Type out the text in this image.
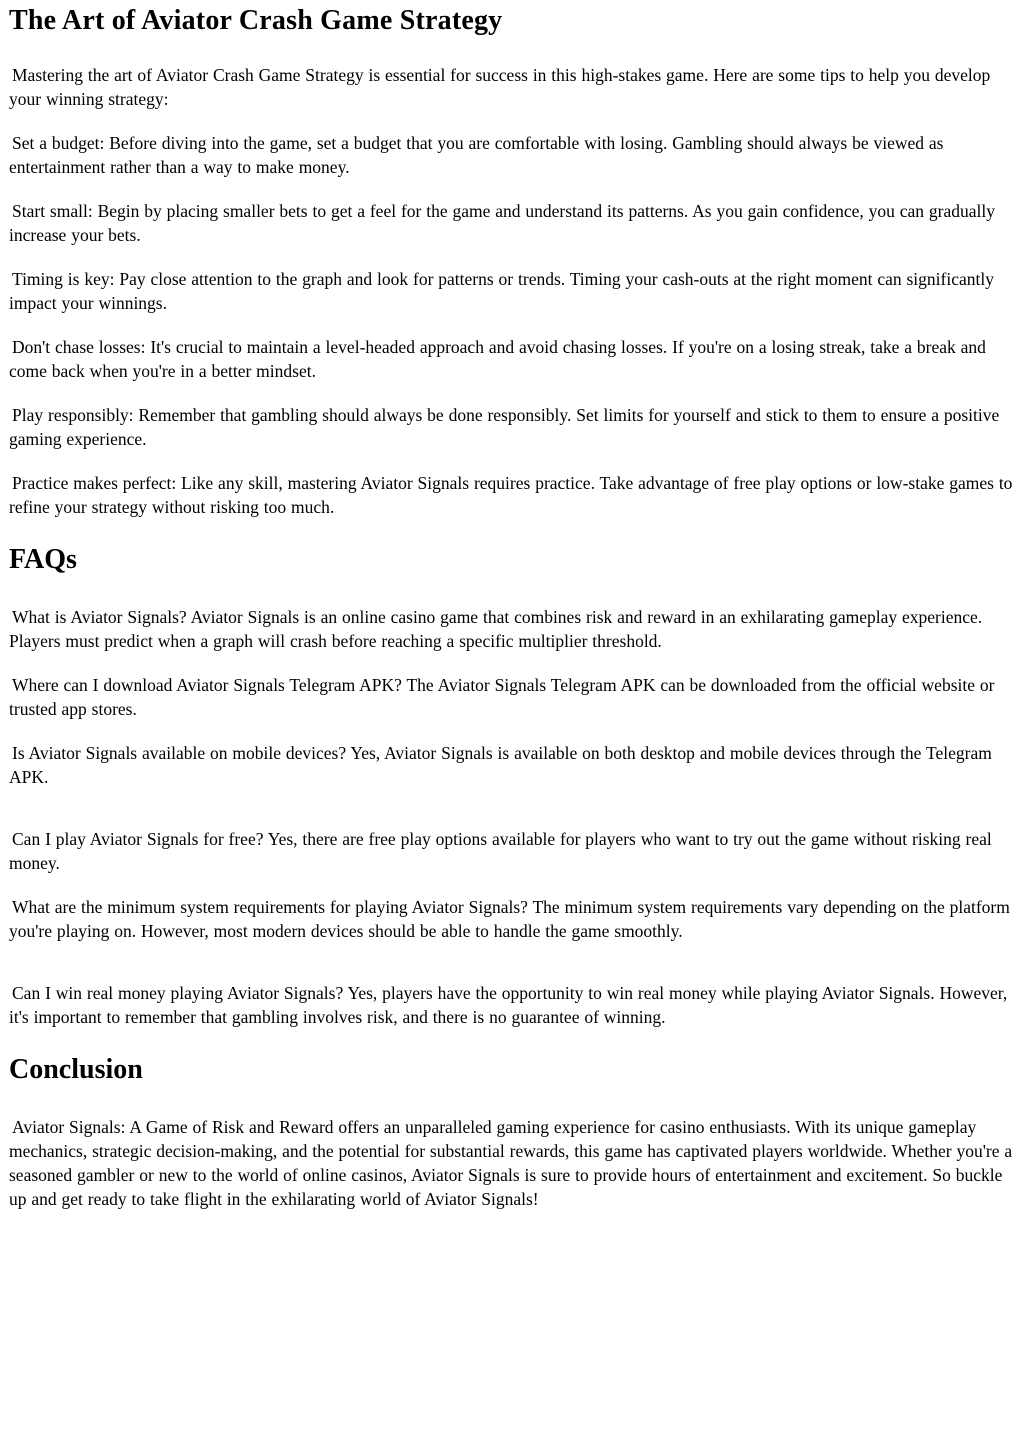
The Art of Aviator Crash Game Strategy

Mastering the art of Aviator Crash Game Strategy is essential for success in this high-stakes game. Here are some tips to help you develop your winning strategy:

Set a budget: Before diving into the game, set a budget that you are comfortable with losing. Gambling should always be viewed as entertainment rather than a way to make money.

Start small: Begin by placing smaller bets to get a feel for the game and understand its patterns. As you gain confidence, you can gradually increase your bets.

Timing is key: Pay close attention to the graph and look for patterns or trends. Timing your cash-outs at the right moment can significantly impact your winnings.

Don't chase losses: It's crucial to maintain a level-headed approach and avoid chasing losses. If you're on a losing streak, take a break and come back when you're in a better mindset.

Play responsibly: Remember that gambling should always be done responsibly. Set limits for yourself and stick to them to ensure a positive gaming experience.

Practice makes perfect: Like any skill, mastering Aviator Signals requires practice. Take advantage of free play options or low-stake games to refine your strategy without risking too much.

FAQs

What is Aviator Signals? Aviator Signals is an online casino game that combines risk and reward in an exhilarating gameplay experience. Players must predict when a graph will crash before reaching a specific multiplier threshold.

Where can I download Aviator Signals Telegram APK? The Aviator Signals Telegram APK can be downloaded from the official website or trusted app stores.

Is Aviator Signals available on mobile devices? Yes, Aviator Signals is available on both desktop and mobile devices through the Telegram APK.

Can I play Aviator Signals for free? Yes, there are free play options available for players who want to try out the game without risking real money.

What are the minimum system requirements for playing Aviator Signals? The minimum system requirements vary depending on the platform you're playing on. However, most modern devices should be able to handle the game smoothly.

Can I win real money playing Aviator Signals? Yes, players have the opportunity to win real money while playing Aviator Signals. However, it's important to remember that gambling involves risk, and there is no guarantee of winning.

Conclusion

Aviator Signals: A Game of Risk and Reward offers an unparalleled gaming experience for casino enthusiasts. With its unique gameplay mechanics, strategic decision-making, and the potential for substantial rewards, this game has captivated players worldwide. Whether you're a seasoned gambler or new to the world of online casinos, Aviator Signals is sure to provide hours of entertainment and excitement. So buckle up and get ready to take flight in the exhilarating world of Aviator Signals!
